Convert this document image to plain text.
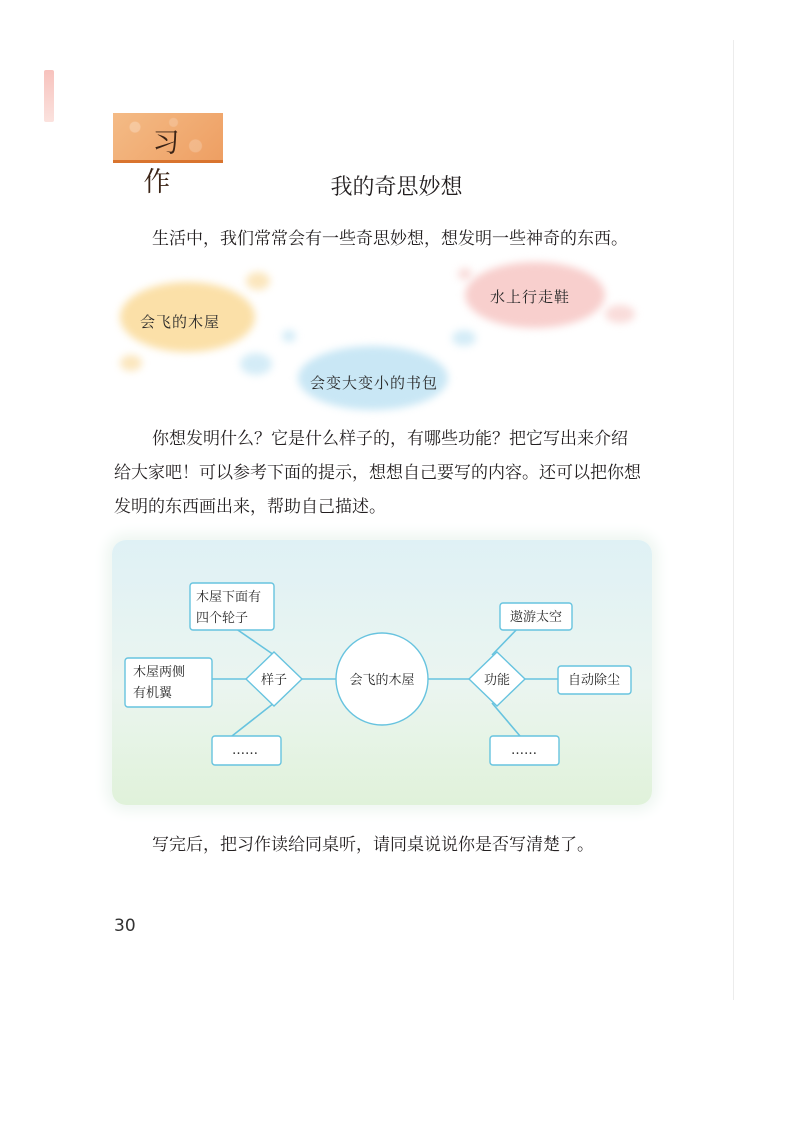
习作	我的奇思妙想

生活中，我们常常会有一些奇思妙想，想发明一些神奇的东西。

会飞的木屋
水上行走鞋
会变大变小的书包

你想发明什么？它是什么样子的，有哪些功能？把它写出来介绍给大家吧！可以参考下面的提示，想想自己要写的内容。还可以把你想发明的东西画出来，帮助自己描述。

木屋下面有
四个轮子
木屋两侧
有机翼
……
样子	会飞的木屋	功能
遨游太空
自动除尘
……

写完后，把习作读给同桌听，请同桌说说你是否写清楚了。

30
